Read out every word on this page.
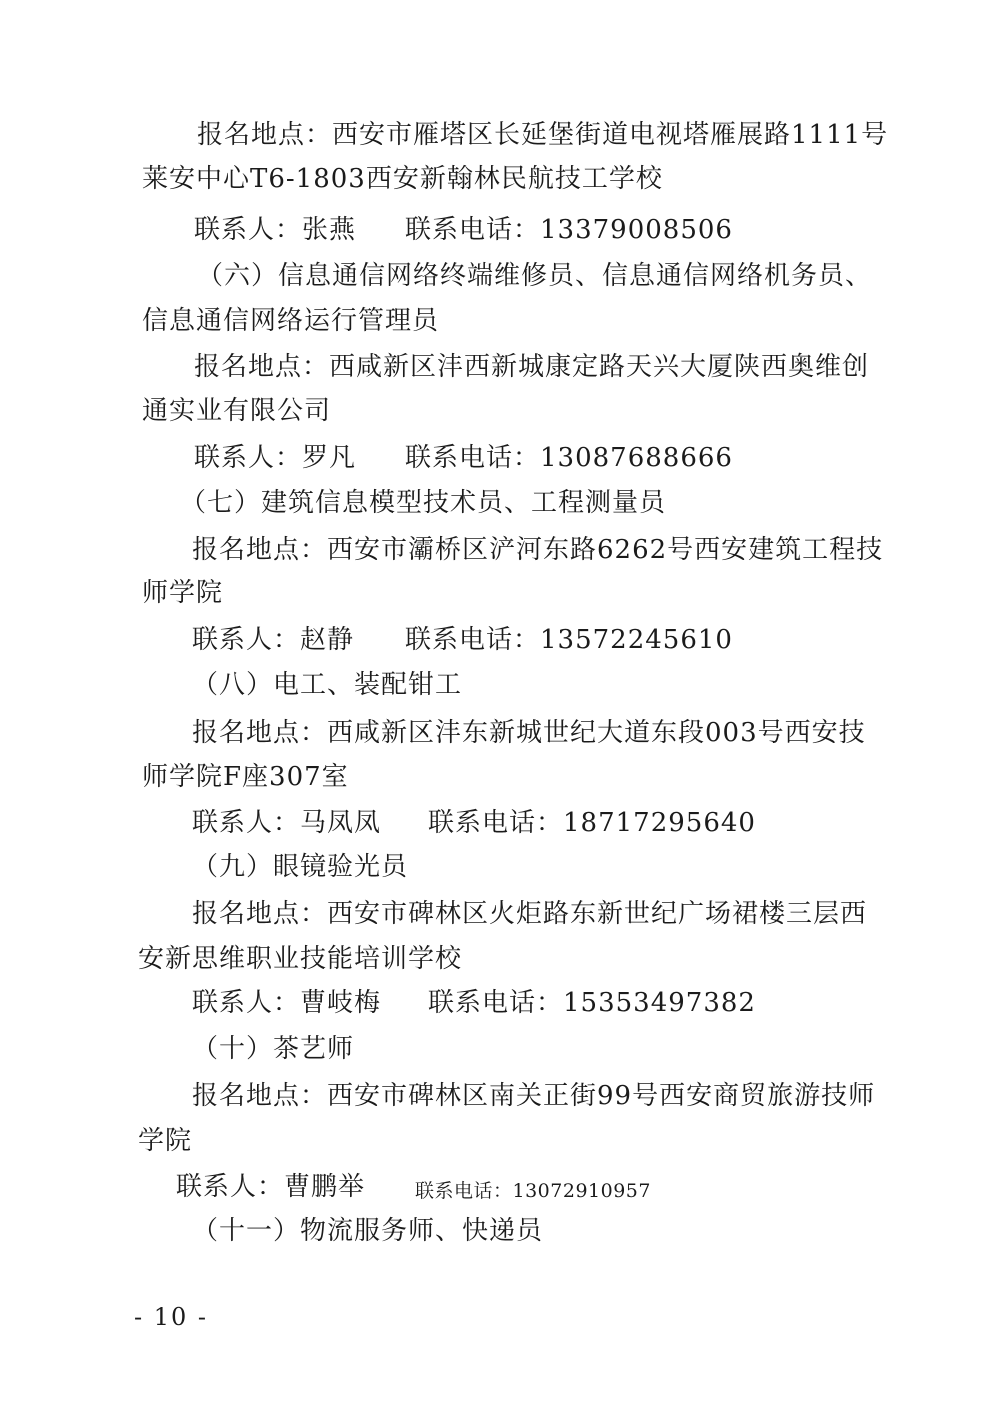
报名地点：西安市雁塔区长延堡街道电视塔雁展路1111号
莱安中心T6-1803西安新翰林民航技工学校
联系人：张燕 联系电话：13379008506
（六）信息通信网络终端维修员、信息通信网络机务员、
信息通信网络运行管理员
报名地点：西咸新区沣西新城康定路天兴大厦陕西奥维创
通实业有限公司
联系人：罗凡 联系电话：13087688666
（七）建筑信息模型技术员、工程测量员
报名地点：西安市灞桥区浐河东路6262号西安建筑工程技
师学院
联系人：赵静 联系电话：13572245610
（八）电工、装配钳工
报名地点：西咸新区沣东新城世纪大道东段003号西安技
师学院F座307室
联系人：马凤凤 联系电话：18717295640
（九）眼镜验光员
报名地点：西安市碑林区火炬路东新世纪广场裙楼三层西
安新思维职业技能培训学校
联系人：曹岐梅 联系电话：15353497382
（十）茶艺师
报名地点：西安市碑林区南关正街99号西安商贸旅游技师
学院
联系人：曹鹏举	联系电话：13072910957
（十一）物流服务师、快递员
- 10 -
